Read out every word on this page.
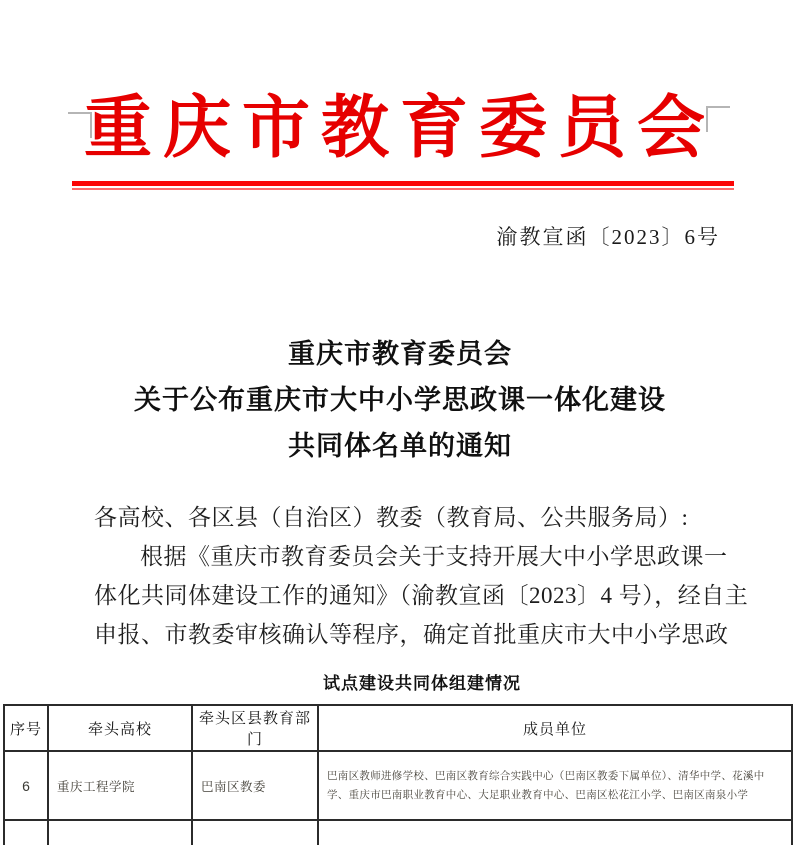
重庆市教育委员会
渝教宣函〔2023〕6号
重庆市教育委员会
关于公布重庆市大中小学思政课一体化建设
共同体名单的通知
各高校、各区县（自治区）教委（教育局、公共服务局）:
根据《重庆市教育委员会关于支持开展大中小学思政课一
体化共同体建设工作的通知》（渝教宣函〔2023〕4 号），经自主
申报、市教委审核确认等程序，确定首批重庆市大中小学思政
试点建设共同体组建情况
序号	牵头高校	牵头区县教育部门	成员单位
6	重庆工程学院	巴南区教委	巴南区教师进修学校、巴南区教育综合实践中心（巴南区教委下属单位）、清华中学、花溪中学、重庆市巴南职业教育中心、大足职业教育中心、巴南区松花江小学、巴南区南泉小学
